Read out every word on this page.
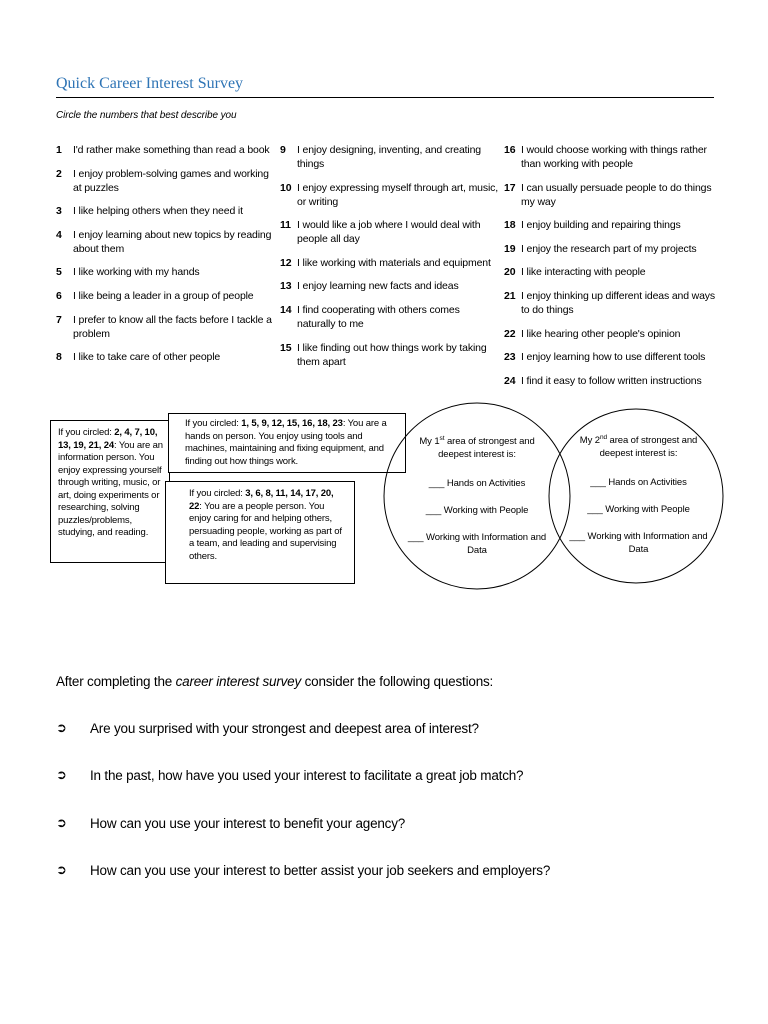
Quick Career Interest Survey
Circle the numbers that best describe you
1 I'd rather make something than read a book
2 I enjoy problem-solving games and working at puzzles
3 I like helping others when they need it
4 I enjoy learning about new topics by reading about them
5 I like working with my hands
6 I like being a leader in a group of people
7 I prefer to know all the facts before I tackle a problem
8 I like to take care of other people
9 I enjoy designing, inventing, and creating things
10 I enjoy expressing myself through art, music, or writing
11 I would like a job where I would deal with people all day
12 I like working with materials and equipment
13 I enjoy learning new facts and ideas
14 I find cooperating with others comes naturally to me
15 I like finding out how things work by taking them apart
16 I would choose working with things rather than working with people
17 I can usually persuade people to do things my way
18 I enjoy building and repairing things
19 I enjoy the research part of my projects
20 I like interacting with people
21 I enjoy thinking up different ideas and ways to do things
22 I like hearing other people's opinion
23 I enjoy learning how to use different tools
24 I find it easy to follow written instructions
If you circled: 2, 4, 7, 10, 13, 19, 21, 24: You are an information person. You enjoy expressing yourself through writing, music, or art, doing experiments or researching, solving puzzles/problems, studying, and reading.
If you circled: 3, 6, 8, 11, 14, 17, 20, 22: You are a people person. You enjoy caring for and helping others, persuading people, working as part of a team, and leading and supervising others.
If you circled: 1, 5, 9, 12, 15, 16, 18, 23: You are a hands on person. You enjoy using tools and machines, maintaining and fixing equipment, and finding out how things work.
My 1st area of strongest and deepest interest is:
___ Hands on Activities
___ Working with People
___ Working with Information and Data
My 2nd area of strongest and deepest interest is:
___ Hands on Activities
___ Working with People
___ Working with Information and Data
After completing the career interest survey consider the following questions:
➲ Are you surprised with your strongest and deepest area of interest?
➲ In the past, how have you used your interest to facilitate a great job match?
➲ How can you use your interest to benefit your agency?
➲ How can you use your interest to better assist your job seekers and employers?
